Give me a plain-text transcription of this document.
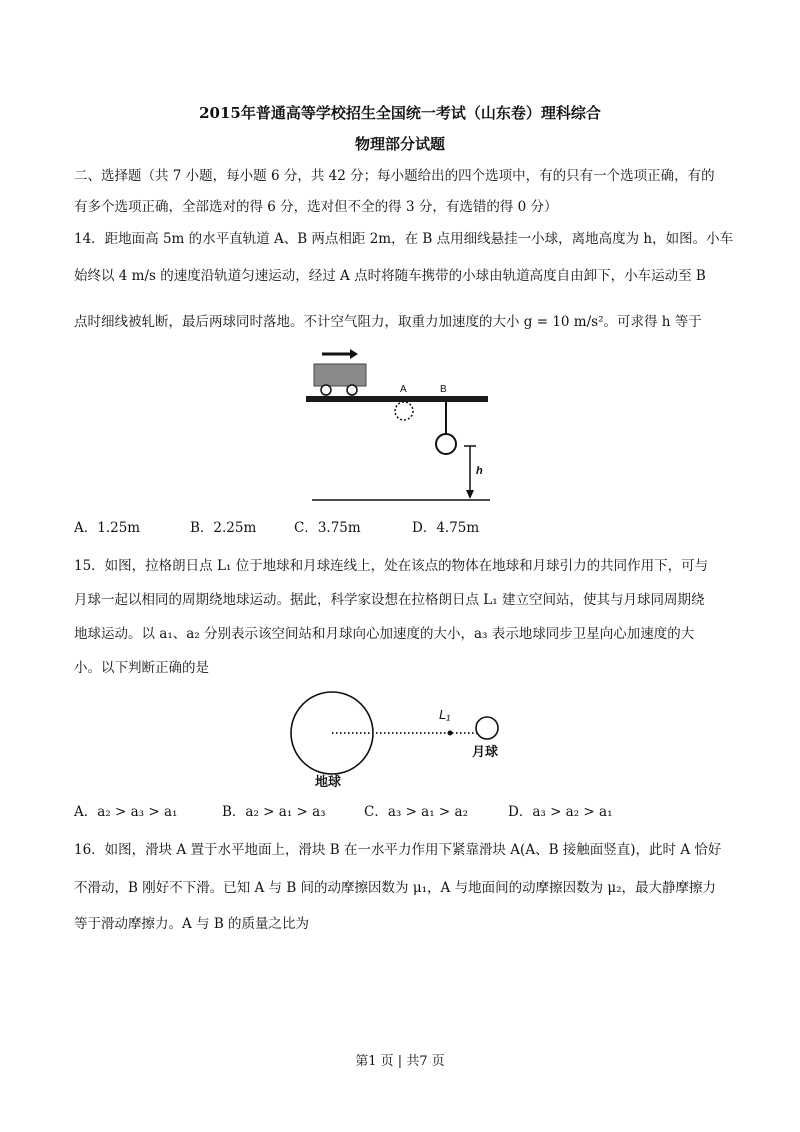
2015年普通高等学校招生全国统一考试（山东卷）理科综合
物理部分试题
二、选择题（共 7 小题，每小题 6 分，共 42 分；每小题给出的四个选项中，有的只有一个选项正确，有的
有多个选项正确，全部选对的得 6 分，选对但不全的得 3 分，有选错的得 0 分）
14．距地面高 5m 的水平直轨道 A、B 两点相距 2m，在 B 点用细线悬挂一小球，离地高度为 h，如图。小车
始终以 4 m/s 的速度沿轨道匀速运动，经过 A 点时将随车携带的小球由轨道高度自由卸下，小车运动至 B
点时细线被轧断，最后两球同时落地。不计空气阻力，取重力加速度的大小 g = 10 m/s²。可求得 h 等于
A	B
h
A．1.25m	B．2.25m	C．3.75m	D．4.75m
15．如图，拉格朗日点 L₁ 位于地球和月球连线上，处在该点的物体在地球和月球引力的共同作用下，可与
月球一起以相同的周期绕地球运动。据此，科学家设想在拉格朗日点 L₁ 建立空间站，使其与月球同周期绕
地球运动。以 a₁、a₂ 分别表示该空间站和月球向心加速度的大小，a₃ 表示地球同步卫星向心加速度的大
小。以下判断正确的是
L₁
月球
地球
A．a₂ > a₃ > a₁	B．a₂ > a₁ > a₃	C．a₃ > a₁ > a₂	D．a₃ > a₂ > a₁
16．如图，滑块 A 置于水平地面上，滑块 B 在一水平力作用下紧靠滑块 A(A、B 接触面竖直)，此时 A 恰好
不滑动，B 刚好不下滑。已知 A 与 B 间的动摩擦因数为 μ₁，A 与地面间的动摩擦因数为 μ₂，最大静摩擦力
等于滑动摩擦力。A 与 B 的质量之比为
第1 页 | 共7 页
